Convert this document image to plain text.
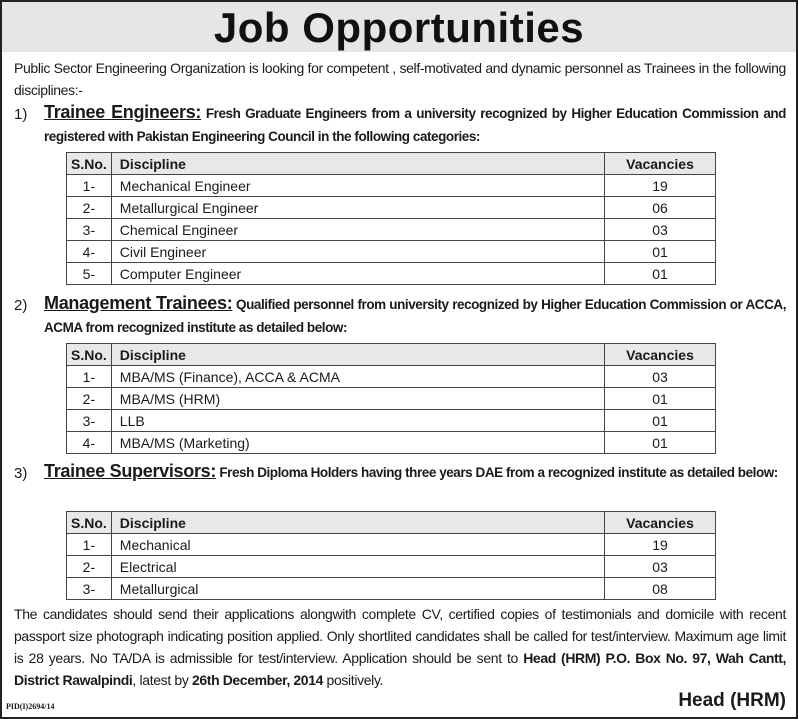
Job Opportunities
Public Sector Engineering Organization is looking for competent , self-motivated and dynamic personnel as Trainees in the following disciplines:-
1) Trainee Engineers: Fresh Graduate Engineers from a university recognized by Higher Education Commission and registered with Pakistan Engineering Council in the following categories:
S.No.	Discipline	Vacancies
1-	Mechanical Engineer	19
2-	Metallurgical Engineer	06
3-	Chemical Engineer	03
4-	Civil Engineer	01
5-	Computer Engineer	01
2) Management Trainees: Qualified personnel from university recognized by Higher Education Commission or ACCA, ACMA from recognized institute as detailed below:
S.No.	Discipline	Vacancies
1-	MBA/MS (Finance), ACCA & ACMA	03
2-	MBA/MS (HRM)	01
3-	LLB	01
4-	MBA/MS (Marketing)	01
3) Trainee Supervisors: Fresh Diploma Holders having three years DAE from a recognized institute as detailed below:
S.No.	Discipline	Vacancies
1-	Mechanical	19
2-	Electrical	03
3-	Metallurgical	08
The candidates should send their applications alongwith complete CV, certified copies of testimonials and domicile with recent passport size photograph indicating position applied. Only shortlited candidates shall be called for test/interview. Maximum age limit is 28 years. No TA/DA is admissible for test/interview. Application should be sent to Head (HRM) P.O. Box No. 97, Wah Cantt, District Rawalpindi, latest by 26th December, 2014 positively.
Head (HRM)
PID(I)2694/14
